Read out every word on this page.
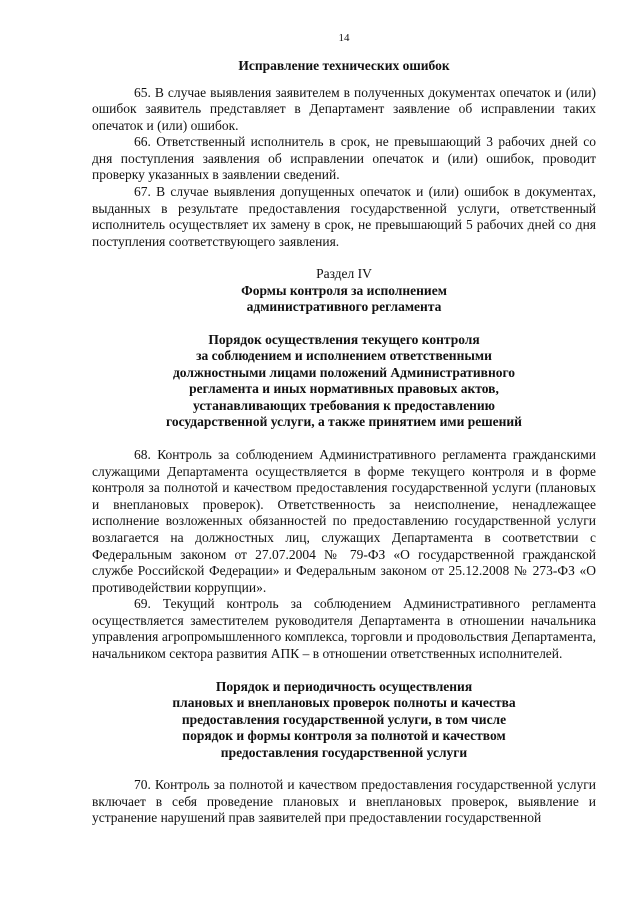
14
Исправление технических ошибок

65. В случае выявления заявителем в полученных документах опечаток и (или) ошибок заявитель представляет в Департамент заявление об исправлении таких опечаток и (или) ошибок.

66. Ответственный исполнитель в срок, не превышающий 3 рабочих дней со дня поступления заявления об исправлении опечаток и (или) ошибок, проводит проверку указанных в заявлении сведений.

67. В случае выявления допущенных опечаток и (или) ошибок в документах, выданных в результате предоставления государственной услуги, ответственный исполнитель осуществляет их замену в срок, не превышающий 5 рабочих дней со дня поступления соответствующего заявления.

Раздел IV

Формы контроля за исполнением
административного регламента
Порядок осуществления текущего контроля
за соблюдением и исполнением ответственными
должностными лицами положений Административного
регламента и иных нормативных правовых актов,
устанавливающих требования к предоставлению
государственной услуги, а также принятием ими решений

68. Контроль за соблюдением Административного регламента гражданскими служащими Департамента осуществляется в форме текущего контроля и в форме контроля за полнотой и качеством предоставления государственной услуги (плановых и внеплановых проверок). Ответственность за неисполнение, ненадлежащее исполнение возложенных обязанностей по предоставлению государственной услуги возлагается на должностных лиц, служащих Департамента в соответствии с Федеральным законом от 27.07.2004 № 79-ФЗ «О государственной гражданской службе Российской Федерации» и Федеральным законом от 25.12.2008 № 273-ФЗ «О противодействии коррупции».

69. Текущий контроль за соблюдением Административного регламента осуществляется заместителем руководителя Департамента в отношении начальника управления агропромышленного комплекса, торговли и продовольствия Департамента, начальником сектора развития АПК – в отношении ответственных исполнителей.

Порядок и периодичность осуществления
плановых и внеплановых проверок полноты и качества
предоставления государственной услуги, в том числе
порядок и формы контроля за полнотой и качеством
предоставления государственной услуги

70. Контроль за полнотой и качеством предоставления государственной услуги включает в себя проведение плановых и внеплановых проверок, выявление и устранение нарушений прав заявителей при предоставлении государственной
